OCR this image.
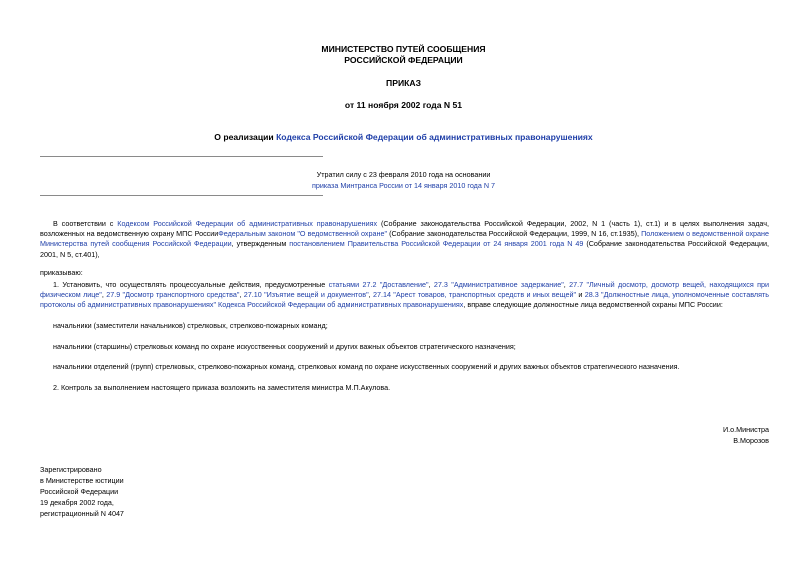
МИНИСТЕРСТВО ПУТЕЙ СООБЩЕНИЯ
РОССИЙСКОЙ ФЕДЕРАЦИИ
ПРИКАЗ
от 11 ноября 2002 года N 51
О реализации Кодекса Российской Федерации об административных правонарушениях
Утратил силу с 23 февраля 2010 года на основании
приказа Минтранса России от 14 января 2010 года N 7

В соответствии с Кодексом Российской Федерации об административных правонарушениях (Собрание законодательства Российской Федерации, 2002, N 1 (часть 1), ст.1) и в целях выполнения задач, возложенных на ведомственную охрану МПС РоссииФедеральным законом "О ведомственной охране" (Собрание законодательства Российской Федерации, 1999, N 16, ст.1935), Положением о ведомственной охране Министерства путей сообщения Российской Федерации, утвержденным постановлением Правительства Российской Федерации от 24 января 2001 года N 49 (Собрание законодательства Российской Федерации, 2001, N 5, ст.401),

приказываю:

1. Установить, что осуществлять процессуальные действия, предусмотренные статьями 27.2 "Доставление", 27.3 "Административное задержание", 27.7 "Личный досмотр, досмотр вещей, находящихся при физическом лице", 27.9 "Досмотр транспортного средства", 27.10 "Изъятие вещей и документов", 27.14 "Арест товаров, транспортных средств и иных вещей" и 28.3 "Должностные лица, уполномоченные составлять протоколы об административных правонарушениях" Кодекса Российской Федерации об административных правонарушениях, вправе следующие должностные лица ведомственной охраны МПС России:

начальники (заместители начальников) стрелковых, стрелково-пожарных команд;
начальники (старшины) стрелковых команд по охране искусственных сооружений и других важных объектов стратегического назначения;
начальники отделений (групп) стрелковых, стрелково-пожарных команд, стрелковых команд по охране искусственных сооружений и других важных объектов стратегического назначения.
2. Контроль за выполнением настоящего приказа возложить на заместителя министра М.П.Акулова.
И.о.Министра
В.Морозов
Зарегистрировано
в Министерстве юстиции
Российской Федерации
19 декабря 2002 года,
регистрационный N 4047
